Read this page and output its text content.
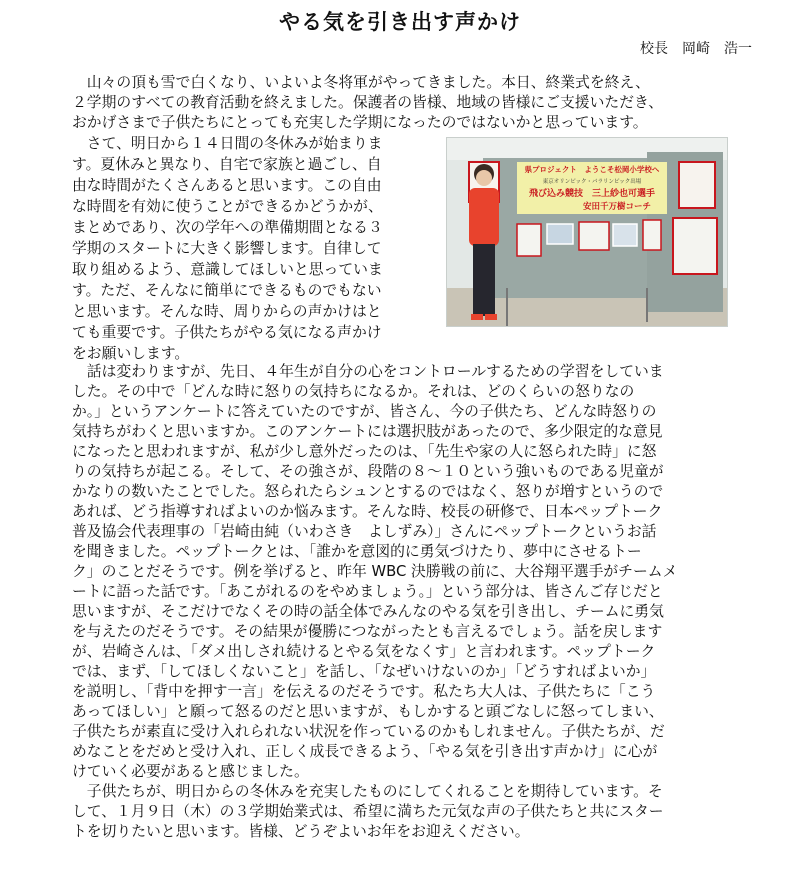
やる気を引き出す声かけ
校長　岡崎　浩一
　山々の頂も雪で白くなり、いよいよ冬将軍がやってきました。本日、終業式を終え、
２学期のすべての教育活動を終えました。保護者の皆様、地域の皆様にご支援いただき、
おかげさまで子供たちにとっても充実した学期になったのではないかと思っています。
　さて、明日から１４日間の冬休みが始まりま
す。夏休みと異なり、自宅で家族と過ごし、自
由な時間がたくさんあると思います。この自由
な時間を有効に使うことができるかどうかが、
まとめであり、次の学年への準備期間となる３
学期のスタートに大きく影響します。自律して
取り組めるよう、意識してほしいと思っていま
す。ただ、そんなに簡単にできるものでもない
と思います。そんな時、周りからの声かけはと
ても重要です。子供たちがやる気になる声かけ
をお願いします。
　話は変わりますが、先日、４年生が自分の心をコントロールするための学習をしていま
した。その中で「どんな時に怒りの気持ちになるか。それは、どのくらいの怒りなの
か。」というアンケートに答えていたのですが、皆さん、今の子供たち、どんな時怒りの
気持ちがわくと思いますか。このアンケートには選択肢があったので、多少限定的な意見
になったと思われますが、私が少し意外だったのは、「先生や家の人に怒られた時」に怒
りの気持ちが起こる。そして、その強さが、段階の８～１０という強いものである児童が
かなりの数いたことでした。怒られたらシュンとするのではなく、怒りが増すというので
あれば、どう指導すればよいのか悩みます。そんな時、校長の研修で、日本ペップトーク
普及協会代表理事の「岩崎由純（いわさき　よしずみ）」さんにペップトークというお話
を聞きました。ペップトークとは、「誰かを意図的に勇気づけたり、夢中にさせるトー
ク」のことだそうです。例を挙げると、昨年 WBC 決勝戦の前に、大谷翔平選手がチームメ
ートに語った話です。「あこがれるのをやめましょう。」という部分は、皆さんご存じだと
思いますが、そこだけでなくその時の話全体でみんなのやる気を引き出し、チームに勇気
を与えたのだそうです。その結果が優勝につながったとも言えるでしょう。話を戻します
が、岩崎さんは、「ダメ出しされ続けるとやる気をなくす」と言われます。ペップトーク
では、まず、「してほしくないこと」を話し、「なぜいけないのか」「どうすればよいか」
を説明し、「背中を押す一言」を伝えるのだそうです。私たち大人は、子供たちに「こう
あってほしい」と願って怒るのだと思いますが、もしかすると頭ごなしに怒ってしまい、
子供たちが素直に受け入れられない状況を作っているのかもしれません。子供たちが、だ
めなことをだめと受け入れ、正しく成長できるよう、「やる気を引き出す声かけ」に心が
けていく必要があると感じました。
　子供たちが、明日からの冬休みを充実したものにしてくれることを期待しています。そ
して、１月９日（木）の３学期始業式は、希望に満ちた元気な声の子供たちと共にスター
トを切りたいと思います。皆様、どうぞよいお年をお迎えください。
県プロジェクト　ようこそ松岡小学校へ
東京オリンピック・パラリンピック出場
飛び込み競技　三上紗也可選手
安田千万樹コーチ
